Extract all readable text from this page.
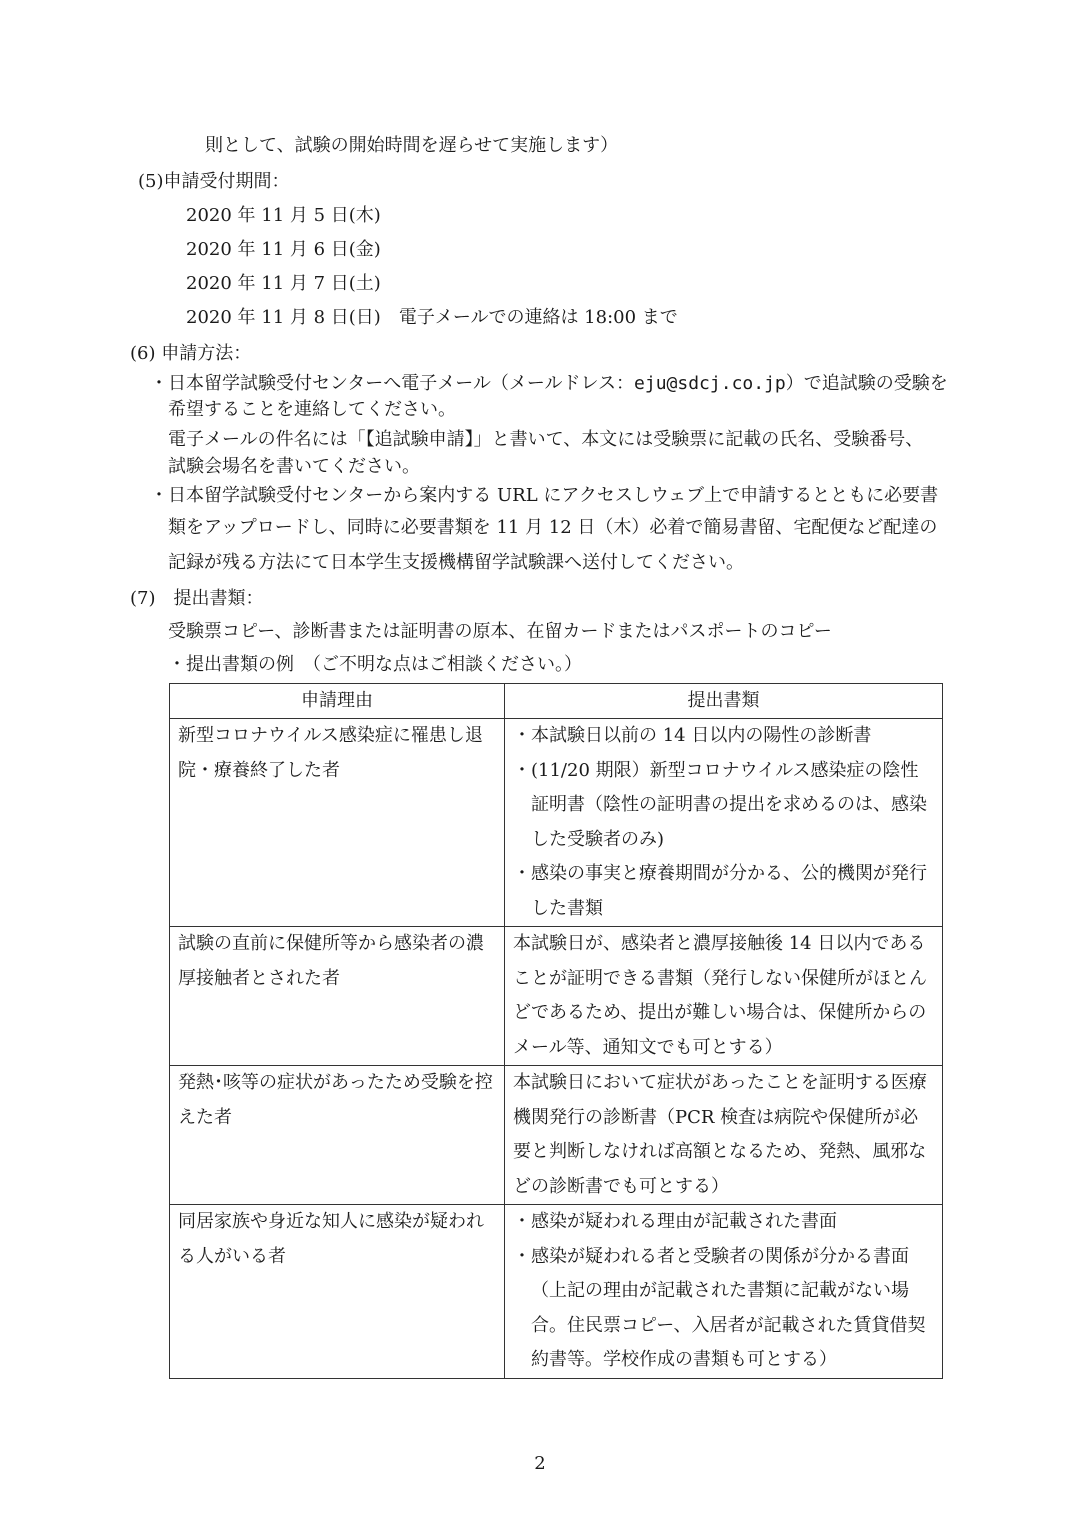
則として、試験の開始時間を遅らせて実施します）
(5)申請受付期間：
2020 年 11 月 5 日(木)
2020 年 11 月 6 日(金)
2020 年 11 月 7 日(土)
2020 年 11 月 8 日(日)　電子メールでの連絡は 18:00 まで
(6) 申請方法：
・日本留学試験受付センターへ電子メール（メールドレス：eju@sdcj.co.jp）で追試験の受験を
希望することを連絡してください。
電子メールの件名には「【追試験申請】」と書いて、本文には受験票に記載の氏名、受験番号、
試験会場名を書いてください。
・日本留学試験受付センターから案内する URL にアクセスしウェブ上で申請するとともに必要書
類をアップロードし、同時に必要書類を 11 月 12 日（木）必着で簡易書留、宅配便など配達の
記録が残る方法にて日本学生支援機構留学試験課へ送付してください。
(7)　提出書類：
受験票コピー、診断書または証明書の原本、在留カードまたはパスポートのコピー
・提出書類の例　（ご不明な点はご相談ください。）
申請理由	提出書類
新型コロナウイルス感染症に罹患し退院・療養終了した者	・本試験日以前の 14 日以内の陽性の診断書
・(11/20 期限）新型コロナウイルス感染症の陰性証明書（陰性の証明書の提出を求めるのは、感染した受験者のみ)
・感染の事実と療養期間が分かる、公的機関が発行した書類

試験の直前に保健所等から感染者の濃厚接触者とされた者	本試験日が、感染者と濃厚接触後 14 日以内であることが証明できる書類（発行しない保健所がほとんどであるため、提出が難しい場合は、保健所からのメール等、通知文でも可とする）

発熱･咳等の症状があったため受験を控えた者	本試験日において症状があったことを証明する医療機関発行の診断書（PCR 検査は病院や保健所が必要と判断しなければ高額となるため、発熱、風邪などの診断書でも可とする）

同居家族や身近な知人に感染が疑われる人がいる者	・感染が疑われる理由が記載された書面
・感染が疑われる者と受験者の関係が分かる書面（上記の理由が記載された書類に記載がない場合。住民票コピー、入居者が記載された賃貸借契約書等。学校作成の書類も可とする）
2
